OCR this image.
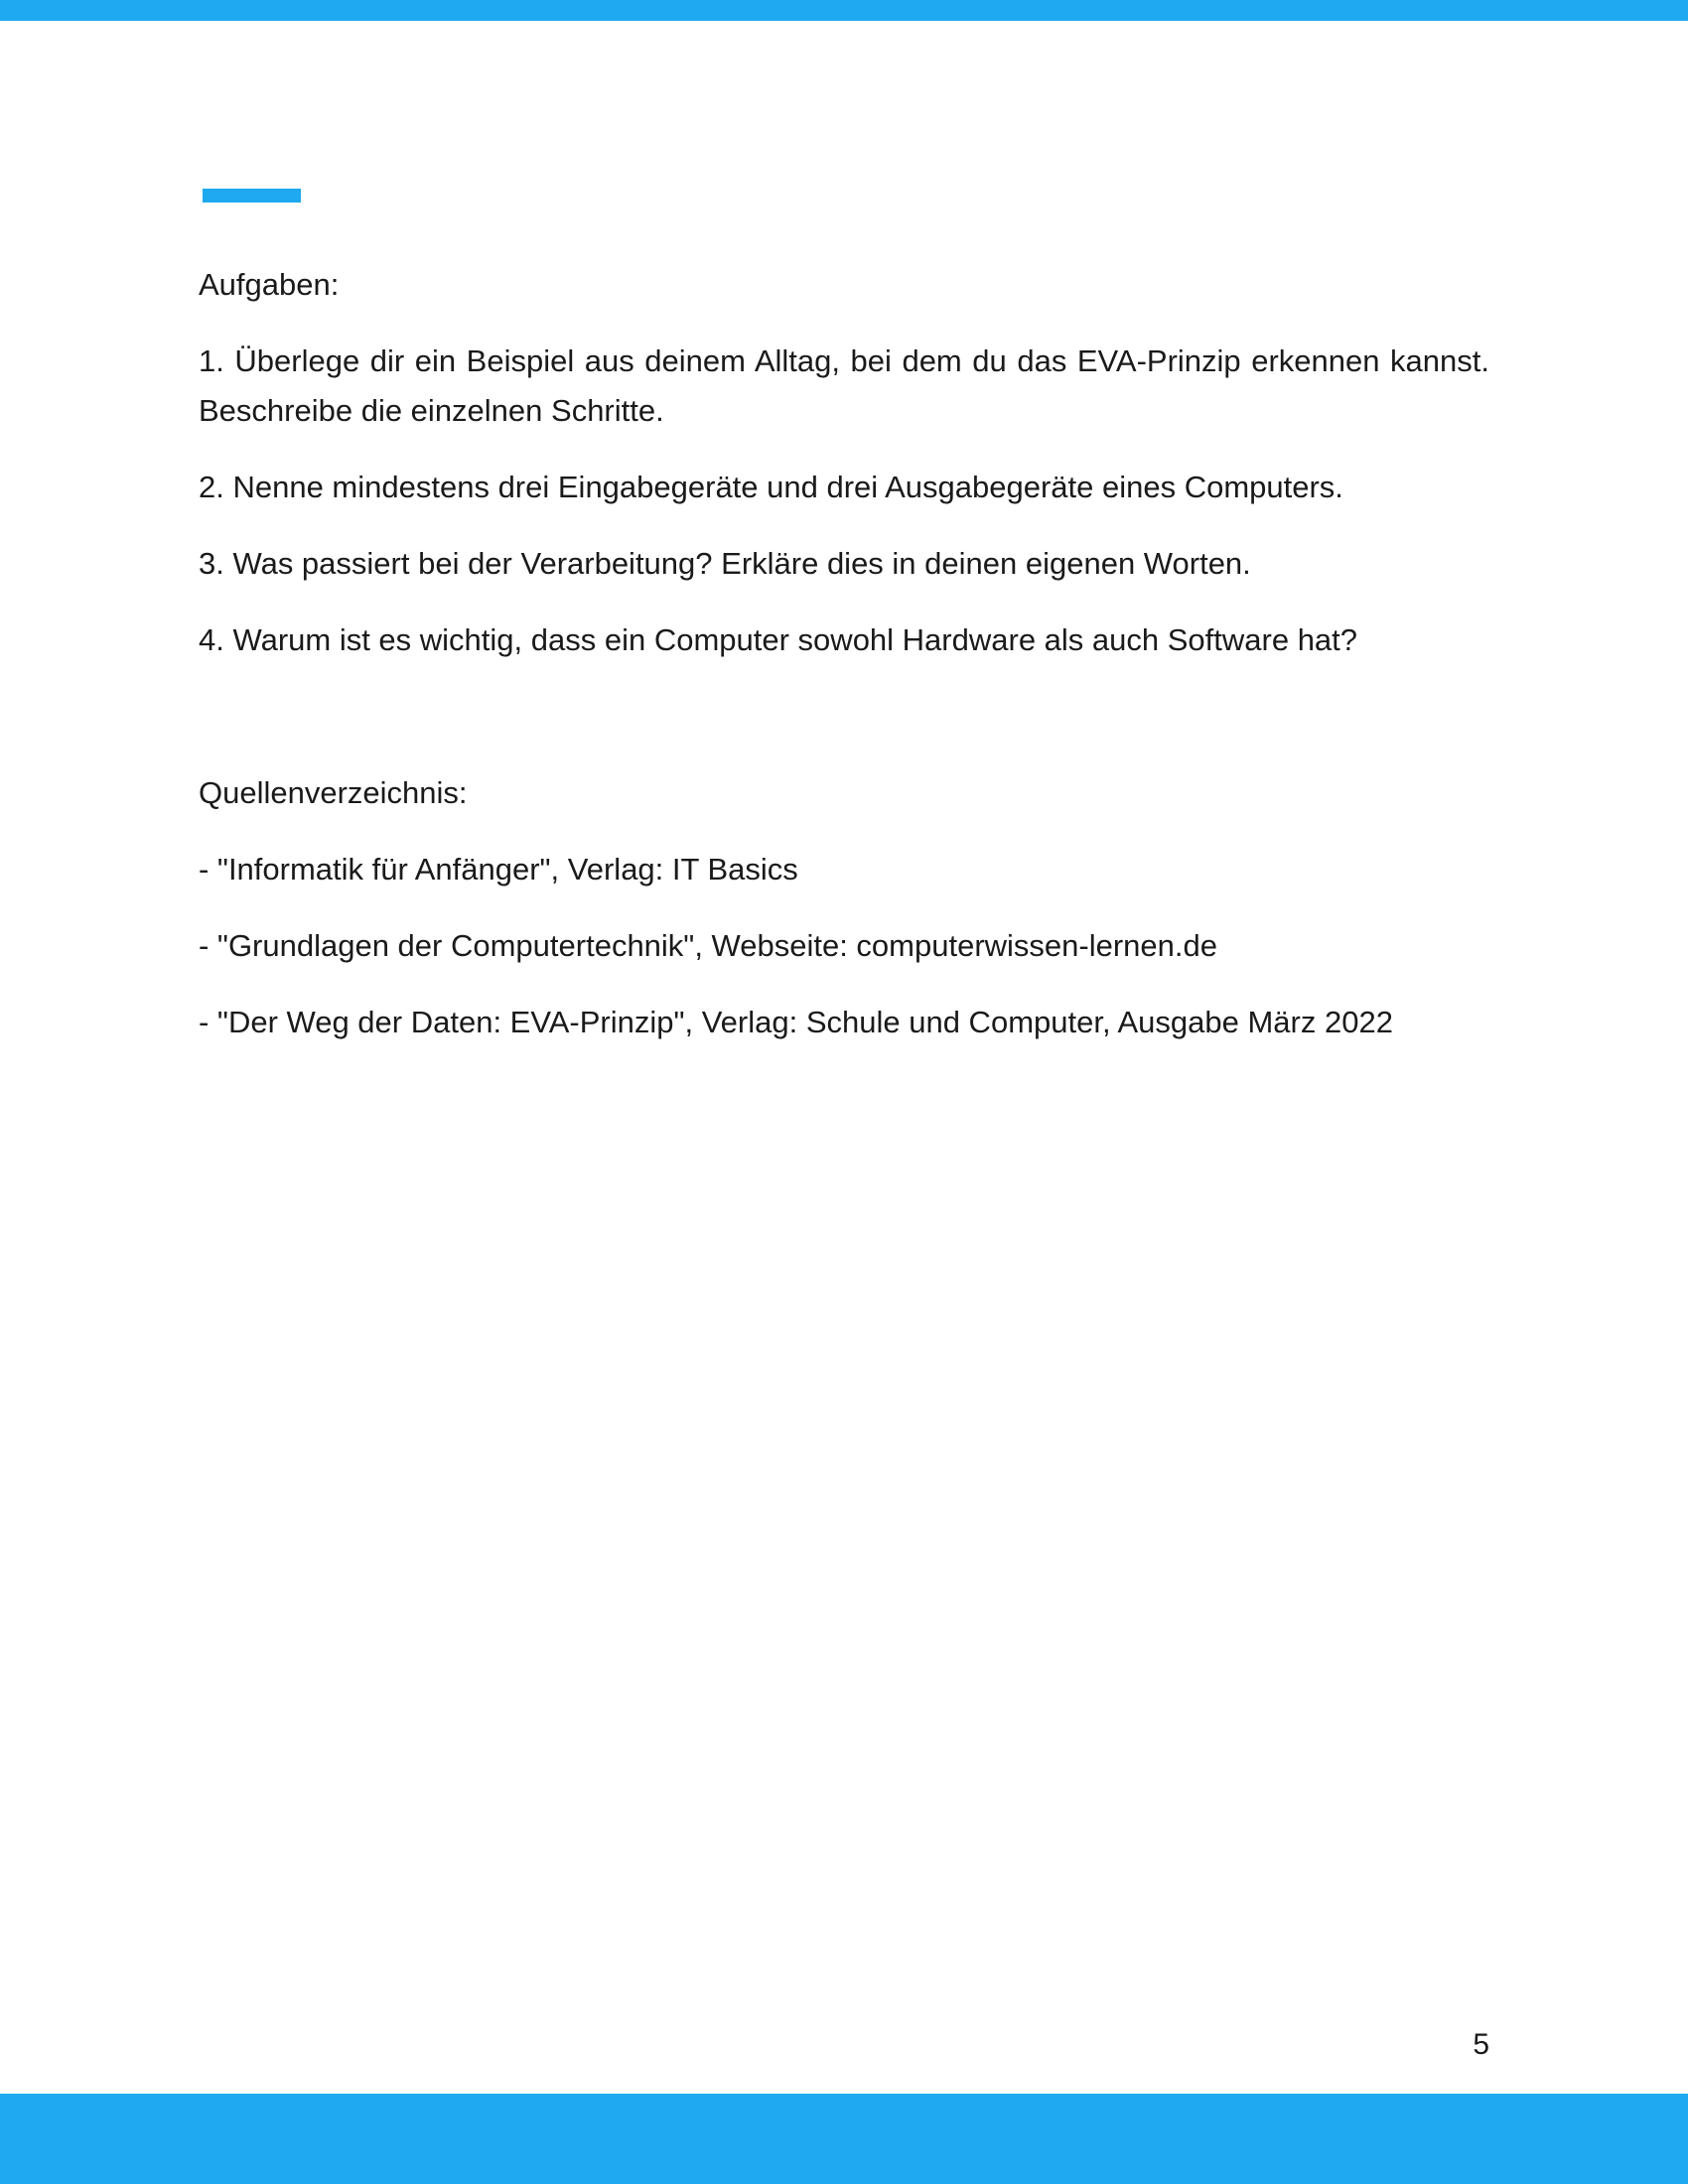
Aufgaben:

1. Überlege dir ein Beispiel aus deinem Alltag, bei dem du das EVA-Prinzip erkennen kannst. Beschreibe die einzelnen Schritte.

2. Nenne mindestens drei Eingabegeräte und drei Ausgabegeräte eines Computers.

3. Was passiert bei der Verarbeitung? Erkläre dies in deinen eigenen Worten.

4. Warum ist es wichtig, dass ein Computer sowohl Hardware als auch Software hat?

Quellenverzeichnis:

- "Informatik für Anfänger", Verlag: IT Basics

- "Grundlagen der Computertechnik", Webseite: computerwissen-lernen.de

- "Der Weg der Daten: EVA-Prinzip", Verlag: Schule und Computer, Ausgabe März 2022

5
